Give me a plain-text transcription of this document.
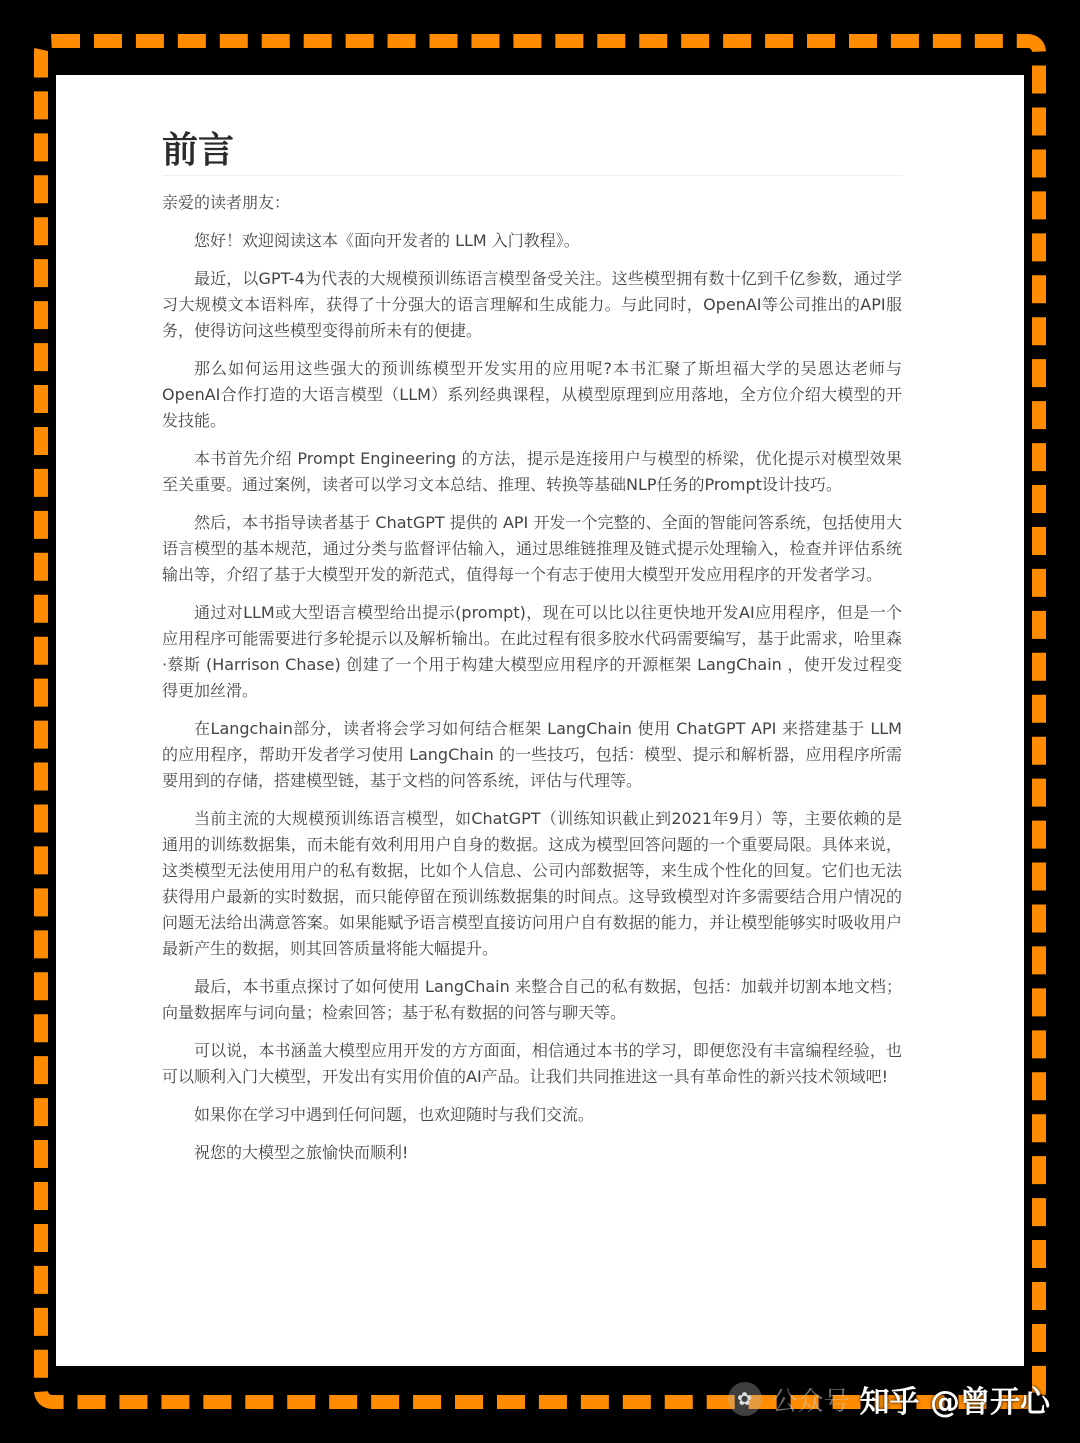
前言

亲爱的读者朋友：

您好！欢迎阅读这本《面向开发者的 LLM 入门教程》。

最近，以GPT-4为代表的大规模预训练语言模型备受关注。这些模型拥有数十亿到千亿参数，通过学习大规模文本语料库，获得了十分强大的语言理解和生成能力。与此同时，OpenAI等公司推出的API服务，使得访问这些模型变得前所未有的便捷。

那么如何运用这些强大的预训练模型开发实用的应用呢?本书汇聚了斯坦福大学的吴恩达老师与OpenAI合作打造的大语言模型（LLM）系列经典课程，从模型原理到应用落地，全方位介绍大模型的开发技能。

本书首先介绍 Prompt Engineering 的方法，提示是连接用户与模型的桥梁，优化提示对模型效果至关重要。通过案例，读者可以学习文本总结、推理、转换等基础NLP任务的Prompt设计技巧。

然后，本书指导读者基于 ChatGPT 提供的 API 开发一个完整的、全面的智能问答系统，包括使用大语言模型的基本规范，通过分类与监督评估输入，通过思维链推理及链式提示处理输入，检查并评估系统输出等，介绍了基于大模型开发的新范式，值得每一个有志于使用大模型开发应用程序的开发者学习。

通过对LLM或大型语言模型给出提示(prompt)，现在可以比以往更快地开发AI应用程序，但是一个应用程序可能需要进行多轮提示以及解析输出。在此过程有很多胶水代码需要编写，基于此需求，哈里森·蔡斯 (Harrison Chase) 创建了一个用于构建大模型应用程序的开源框架 LangChain ，使开发过程变得更加丝滑。

在Langchain部分，读者将会学习如何结合框架 LangChain 使用 ChatGPT API 来搭建基于 LLM 的应用程序，帮助开发者学习使用 LangChain 的一些技巧，包括：模型、提示和解析器，应用程序所需要用到的存储，搭建模型链，基于文档的问答系统，评估与代理等。

当前主流的大规模预训练语言模型，如ChatGPT（训练知识截止到2021年9月）等，主要依赖的是通用的训练数据集，而未能有效利用用户自身的数据。这成为模型回答问题的一个重要局限。具体来说，这类模型无法使用用户的私有数据，比如个人信息、公司内部数据等，来生成个性化的回复。它们也无法获得用户最新的实时数据，而只能停留在预训练数据集的时间点。这导致模型对许多需要结合用户情况的问题无法给出满意答案。如果能赋予语言模型直接访问用户自有数据的能力，并让模型能够实时吸收用户最新产生的数据，则其回答质量将能大幅提升。

最后，本书重点探讨了如何使用 LangChain 来整合自己的私有数据，包括：加载并切割本地文档；向量数据库与词向量；检索回答；基于私有数据的问答与聊天等。

可以说，本书涵盖大模型应用开发的方方面面，相信通过本书的学习，即便您没有丰富编程经验，也可以顺利入门大模型，开发出有实用价值的AI产品。让我们共同推进这一具有革命性的新兴技术领域吧!

如果你在学习中遇到任何问题，也欢迎随时与我们交流。

祝您的大模型之旅愉快而顺利!

✿ 公众号 知乎 @曾开心
